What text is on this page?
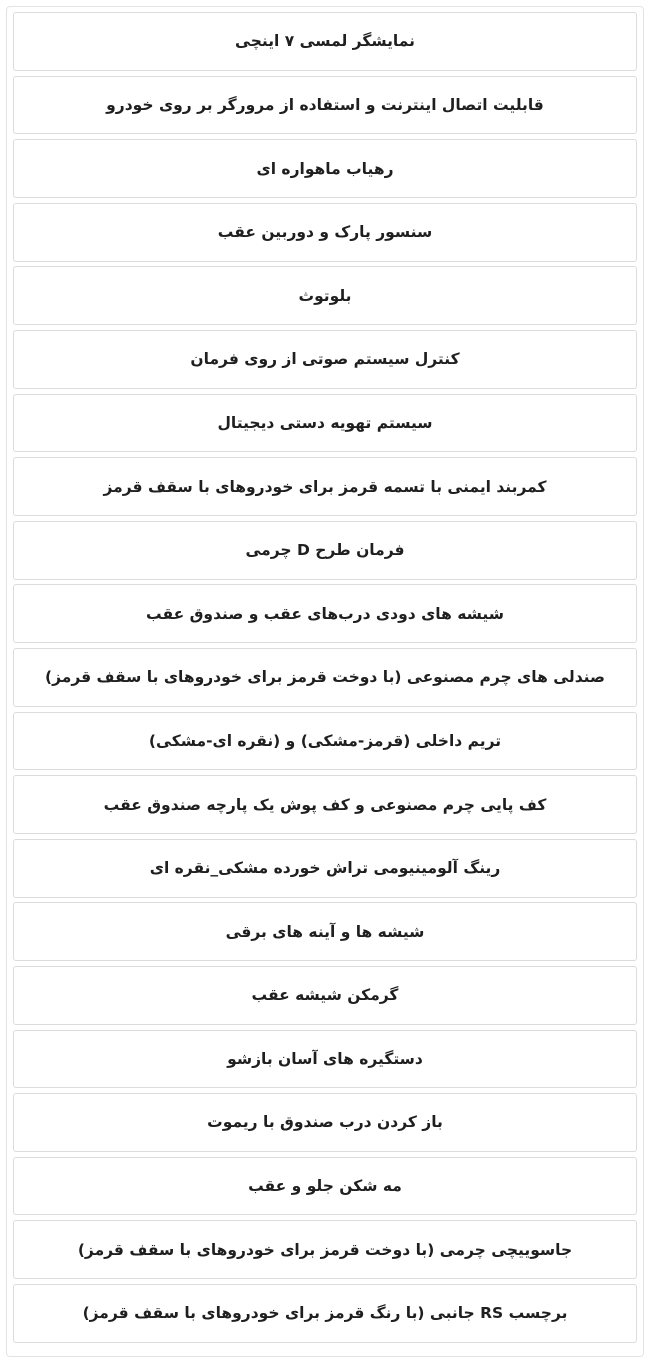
نمایشگر لمسی ۷ اینچی
قابلیت اتصال اینترنت و استفاده از مرورگر بر روی خودرو
رهیاب ماهواره ای
سنسور پارک و دوربین عقب
بلوتوث
کنترل سیستم صوتی از روی فرمان
سیستم تهویه دستی دیجیتال
کمربند ایمنی با تسمه قرمز برای خودروهای با سقف قرمز
فرمان طرح D چرمی
شیشه های دودی درب‌های عقب و صندوق عقب
صندلی های چرم مصنوعی (با دوخت قرمز برای خودروهای با سقف قرمز)
تریم داخلی (قرمز-مشکی) و (نقره ای-مشکی)
کف پایی چرم مصنوعی و کف پوش یک پارچه صندوق عقب
رینگ آلومینیومی تراش خورده مشکی_نقره ای
شیشه ها و آینه های برقی
گرمکن شیشه عقب
دستگیره های آسان بازشو
باز کردن درب صندوق با ریموت
مه شکن جلو و عقب
جاسوییچی چرمی (با دوخت قرمز برای خودروهای با سقف قرمز)
برچسب RS جانبی (با رنگ قرمز برای خودروهای با سقف قرمز)
